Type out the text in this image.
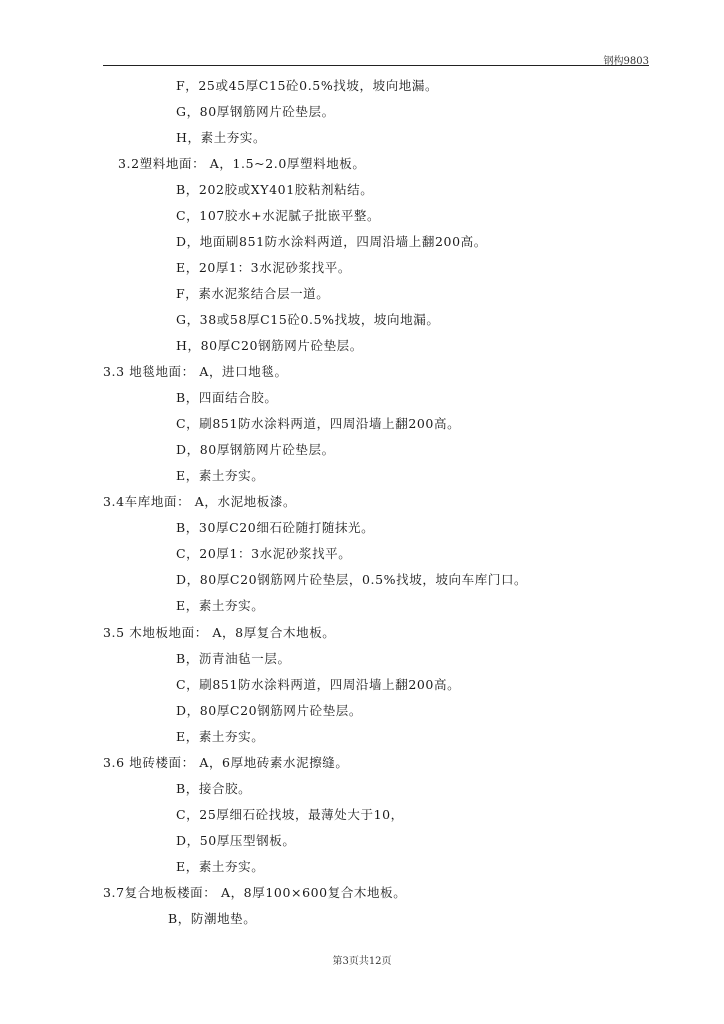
钢构9803
F，25或45厚C15砼0.5%找坡，坡向地漏。
G，80厚钢筋网片砼垫层。
H，素土夯实。
3.2塑料地面： A，1.5~2.0厚塑料地板。
B，202胶或XY401胶粘剂粘结。
C，107胶水+水泥腻子批嵌平整。
D，地面刷851防水涂料两道，四周沿墙上翻200高。
E，20厚1：3水泥砂浆找平。
F，素水泥浆结合层一道。
G，38或58厚C15砼0.5%找坡，坡向地漏。
H，80厚C20钢筋网片砼垫层。
3.3 地毯地面： A，进口地毯。
B，四面结合胶。
C，刷851防水涂料两道，四周沿墙上翻200高。
D，80厚钢筋网片砼垫层。
E，素土夯实。
3.4车库地面： A，水泥地板漆。
B，30厚C20细石砼随打随抹光。
C，20厚1：3水泥砂浆找平。
D，80厚C20钢筋网片砼垫层，0.5%找坡，坡向车库门口。
E，素土夯实。
3.5 木地板地面： A，8厚复合木地板。
B，沥青油毡一层。
C，刷851防水涂料两道，四周沿墙上翻200高。
D，80厚C20钢筋网片砼垫层。
E，素土夯实。
3.6 地砖楼面： A，6厚地砖素水泥擦缝。
B，接合胶。
C，25厚细石砼找坡，最薄处大于10，
D，50厚压型钢板。
E，素土夯实。
3.7复合地板楼面： A，8厚100×600复合木地板。
B，防潮地垫。
第3页共12页
